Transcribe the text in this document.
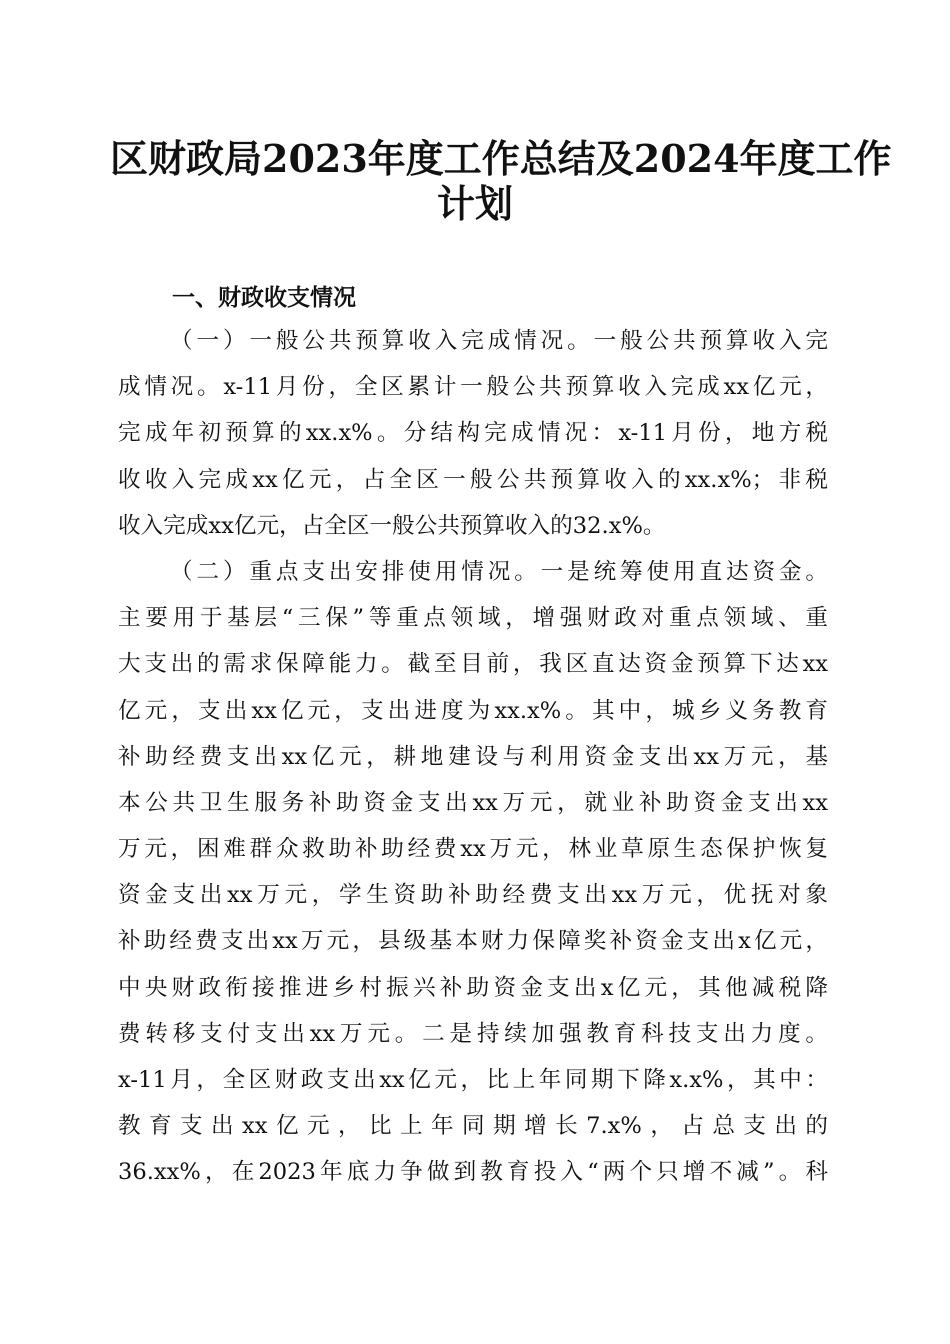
区财政局2023年度工作总结及2024年度工作
计划
一、财政收支情况
（一）一般公共预算收入完成情况。一般公共预算收入完
成情况。x-11月份，全区累计一般公共预算收入完成xx亿元，
完成年初预算的xx.x%。分结构完成情况：x-11月份，地方税
收收入完成xx亿元，占全区一般公共预算收入的xx.x%；非税
收入完成xx亿元，占全区一般公共预算收入的32.x%。
（二）重点支出安排使用情况。一是统筹使用直达资金。
主要用于基层“三保”等重点领域，增强财政对重点领域、重
大支出的需求保障能力。截至目前，我区直达资金预算下达xx
亿元，支出xx亿元，支出进度为xx.x%。其中，城乡义务教育
补助经费支出xx亿元，耕地建设与利用资金支出xx万元，基
本公共卫生服务补助资金支出xx万元，就业补助资金支出xx
万元，困难群众救助补助经费xx万元，林业草原生态保护恢复
资金支出xx万元，学生资助补助经费支出xx万元，优抚对象
补助经费支出xx万元，县级基本财力保障奖补资金支出x亿元，
中央财政衔接推进乡村振兴补助资金支出x亿元，其他减税降
费转移支付支出xx万元。二是持续加强教育科技支出力度。
x-11月，全区财政支出xx亿元，比上年同期下降x.x%，其中：
教育支出xx亿元，比上年同期增长7.x%，占总支出的
36.xx%，在2023年底力争做到教育投入“两个只增不减”。科
